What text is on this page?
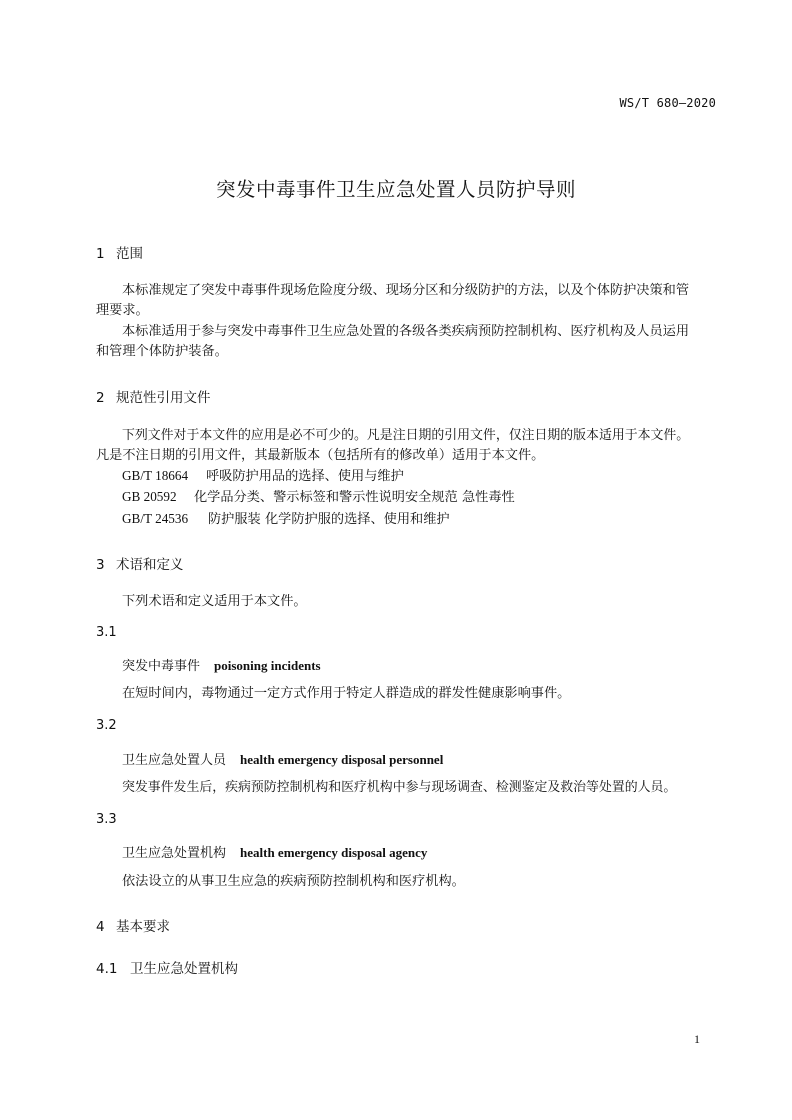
WS/T 680—2020
突发中毒事件卫生应急处置人员防护导则
1 范围
本标准规定了突发中毒事件现场危险度分级、现场分区和分级防护的方法，以及个体防护决策和管
理要求。
本标准适用于参与突发中毒事件卫生应急处置的各级各类疾病预防控制机构、医疗机构及人员运用
和管理个体防护装备。
2 规范性引用文件
下列文件对于本文件的应用是必不可少的。凡是注日期的引用文件，仅注日期的版本适用于本文件。
凡是不注日期的引用文件，其最新版本（包括所有的修改单）适用于本文件。
GB/T 18664 呼吸防护用品的选择、使用与维护
GB 20592 化学品分类、警示标签和警示性说明安全规范 急性毒性
GB/T 24536 防护服装 化学防护服的选择、使用和维护
3 术语和定义
下列术语和定义适用于本文件。
3.1
突发中毒事件 poisoning incidents
在短时间内，毒物通过一定方式作用于特定人群造成的群发性健康影响事件。
3.2
卫生应急处置人员 health emergency disposal personnel
突发事件发生后，疾病预防控制机构和医疗机构中参与现场调查、检测鉴定及救治等处置的人员。
3.3
卫生应急处置机构 health emergency disposal agency
依法设立的从事卫生应急的疾病预防控制机构和医疗机构。
4 基本要求
4.1 卫生应急处置机构
1
